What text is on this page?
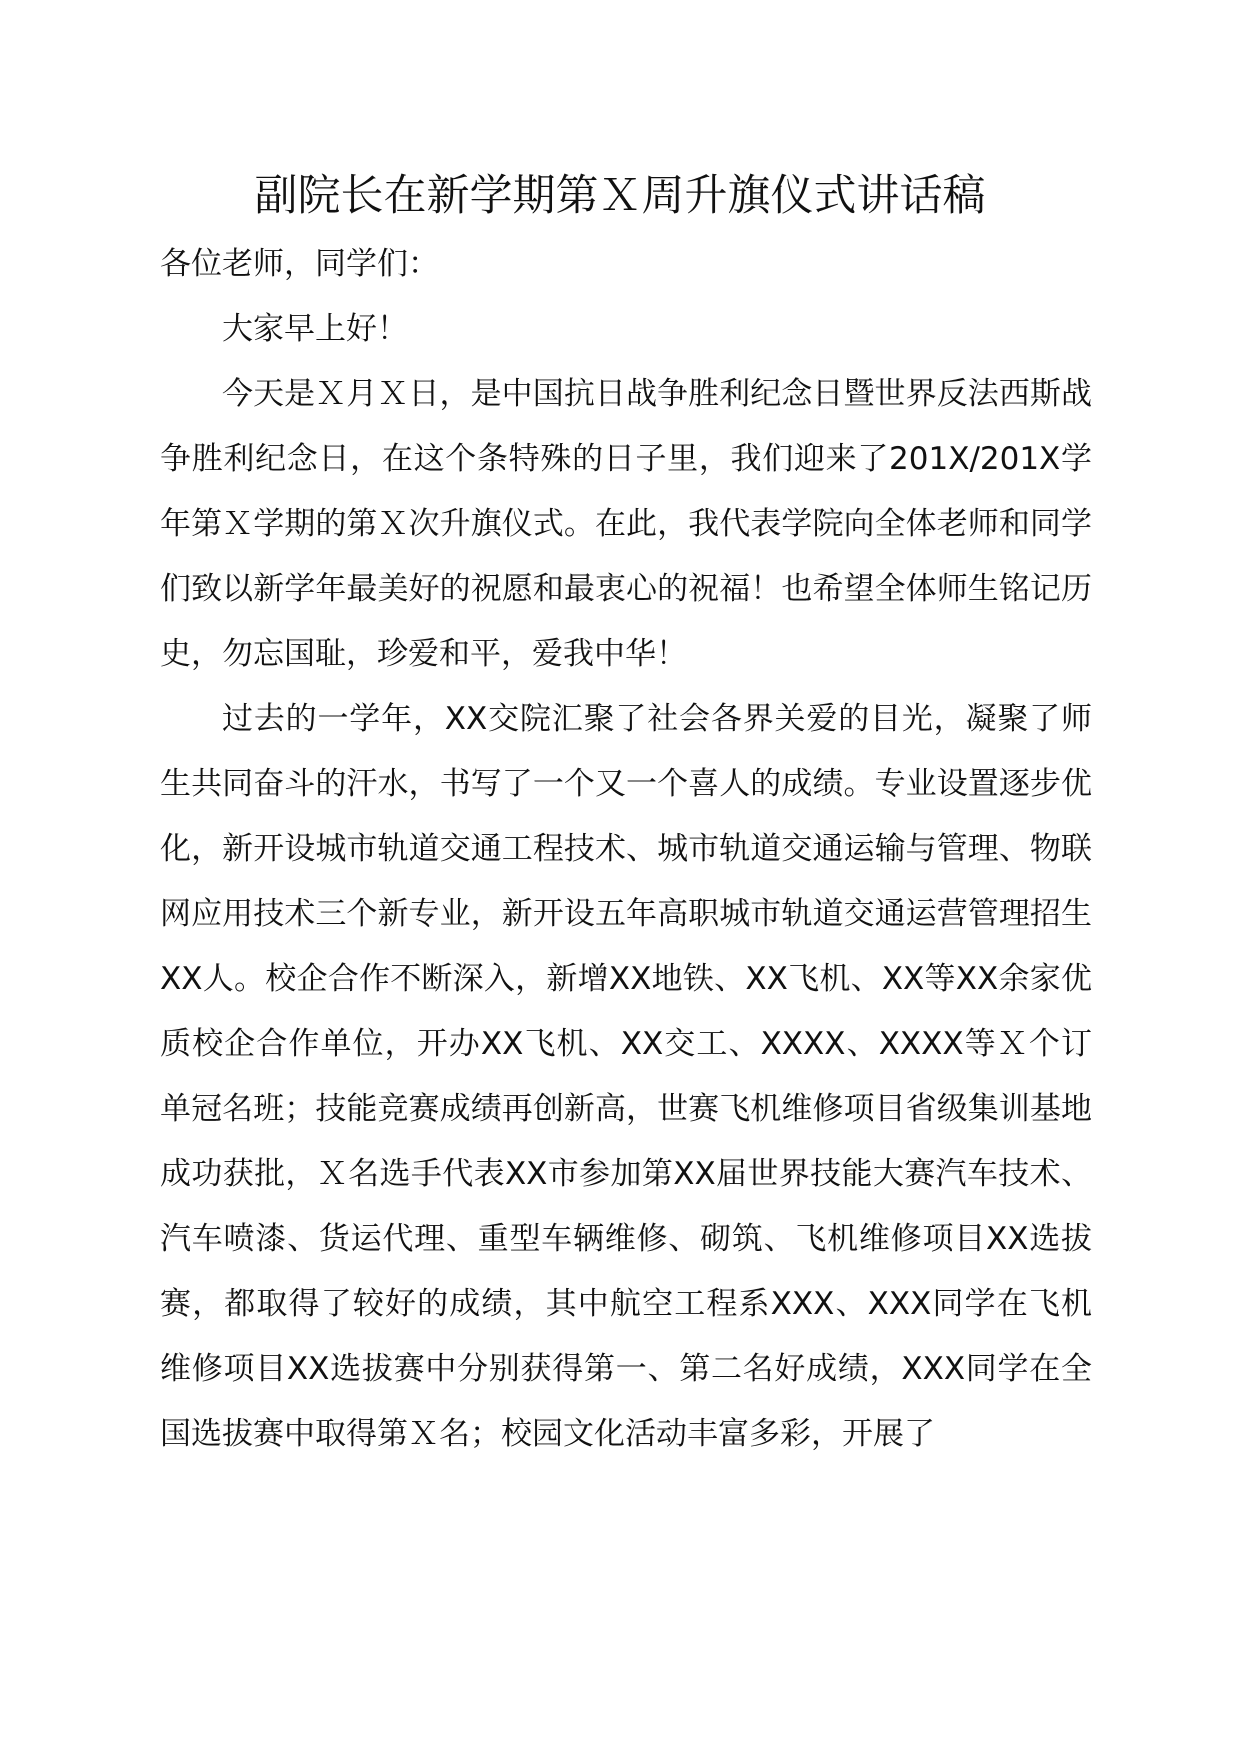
副院长在新学期第Ｘ周升旗仪式讲话稿

各位老师，同学们：

大家早上好！

今天是Ｘ月Ｘ日，是中国抗日战争胜利纪念日暨世界反法西斯战争胜利纪念日，在这个条特殊的日子里，我们迎来了201X/201X学年第Ｘ学期的第Ｘ次升旗仪式。在此，我代表学院向全体老师和同学们致以新学年最美好的祝愿和最衷心的祝福！也希望全体师生铭记历史，勿忘国耻，珍爱和平，爱我中华！

过去的一学年，XX交院汇聚了社会各界关爱的目光，凝聚了师生共同奋斗的汗水，书写了一个又一个喜人的成绩。专业设置逐步优化，新开设城市轨道交通工程技术、城市轨道交通运输与管理、物联网应用技术三个新专业，新开设五年高职城市轨道交通运营管理招生XX人。校企合作不断深入，新增XX地铁、XX飞机、XX等XX余家优质校企合作单位，开办XX飞机、XX交工、XXXX、XXXX等Ｘ个订单冠名班；技能竞赛成绩再创新高，世赛飞机维修项目省级集训基地成功获批，Ｘ名选手代表XX市参加第XX届世界技能大赛汽车技术、汽车喷漆、货运代理、重型车辆维修、砌筑、飞机维修项目XX选拔赛，都取得了较好的成绩，其中航空工程系XXX、XXX同学在飞机维修项目XX选拔赛中分别获得第一、第二名好成绩，XXX同学在全国选拔赛中取得第Ｘ名；校园文化活动丰富多彩，开展了
